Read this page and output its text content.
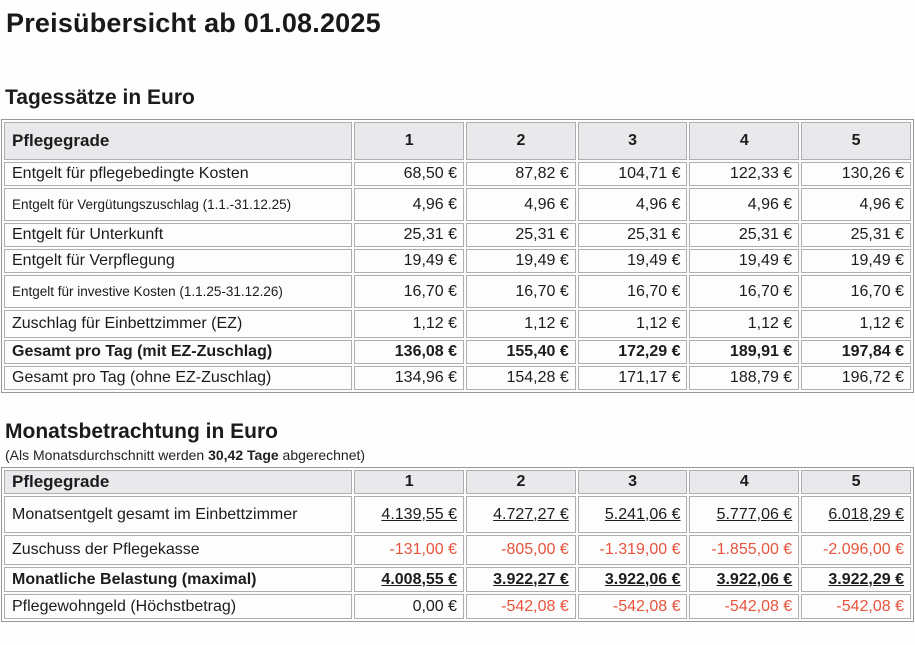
Preisübersicht ab 01.08.2025
Tagessätze in Euro
Pflegegrade	1	2	3	4	5
Entgelt für pflegebedingte Kosten	68,50 €	87,82 €	104,71 €	122,33 €	130,26 €
Entgelt für Vergütungszuschlag (1.1.-31.12.25)	4,96 €	4,96 €	4,96 €	4,96 €	4,96 €
Entgelt für Unterkunft	25,31 €	25,31 €	25,31 €	25,31 €	25,31 €
Entgelt für Verpflegung	19,49 €	19,49 €	19,49 €	19,49 €	19,49 €
Entgelt für investive Kosten (1.1.25-31.12.26)	16,70 €	16,70 €	16,70 €	16,70 €	16,70 €
Zuschlag für Einbettzimmer (EZ)	1,12 €	1,12 €	1,12 €	1,12 €	1,12 €
Gesamt pro Tag (mit EZ-Zuschlag)	136,08 €	155,40 €	172,29 €	189,91 €	197,84 €
Gesamt pro Tag (ohne EZ-Zuschlag)	134,96 €	154,28 €	171,17 €	188,79 €	196,72 €
Monatsbetrachtung in Euro

(Als Monatsdurchschnitt werden 30,42 Tage abgerechnet)

Pflegegrade	1	2	3	4	5
Monatsentgelt gesamt im Einbettzimmer	4.139,55 €	4.727,27 €	5.241,06 €	5.777,06 €	6.018,29 €
Zuschuss der Pflegekasse	-131,00 €	-805,00 €	-1.319,00 €	-1.855,00 €	-2.096,00 €
Monatliche Belastung (maximal)	4.008,55 €	3.922,27 €	3.922,06 €	3.922,06 €	3.922,29 €
Pflegewohngeld (Höchstbetrag)	0,00 €	-542,08 €	-542,08 €	-542,08 €	-542,08 €
